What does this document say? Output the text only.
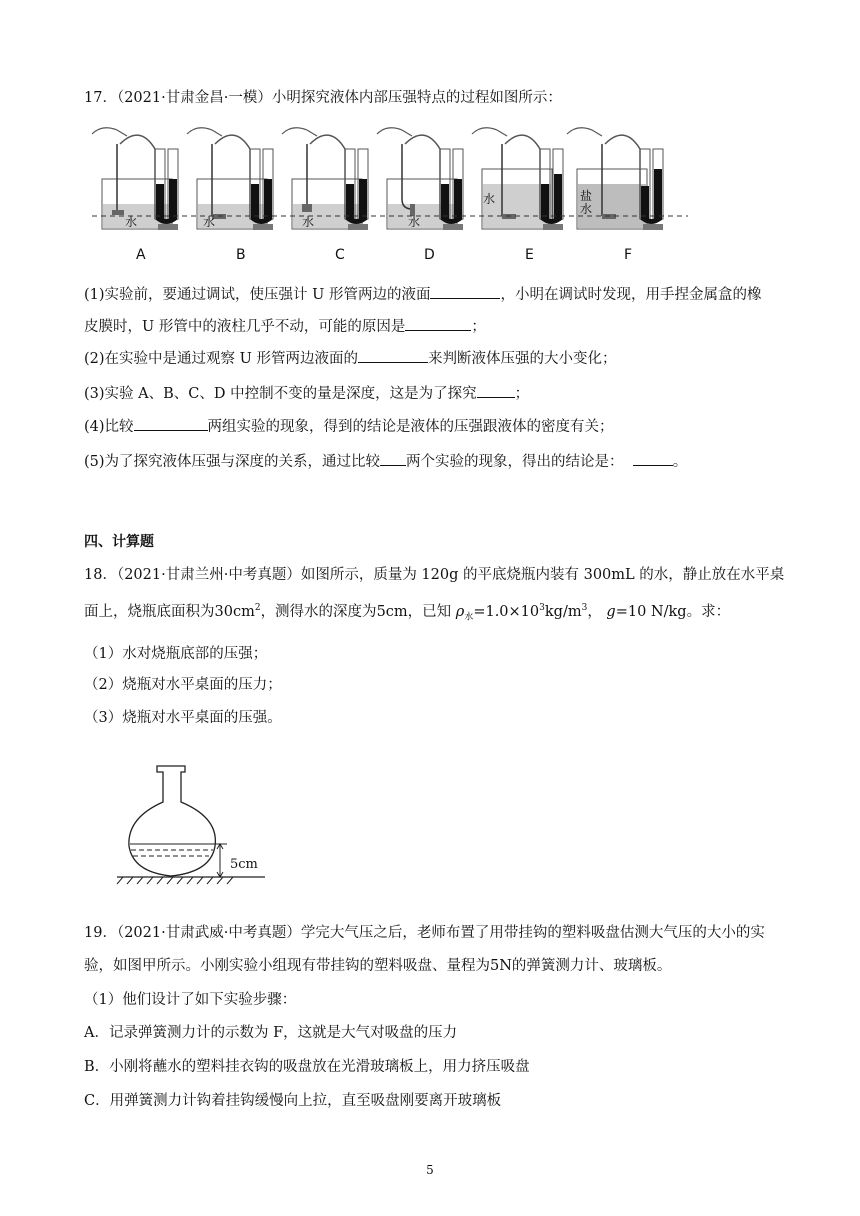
17．（2021·甘肃金昌·一模）小明探究液体内部压强特点的过程如图所示：
水	水	水	水
水	盐水
A	B	C	D	E	F
(1)实验前，要通过调试，使压强计 U 形管两边的液面	，小明在调试时发现，用手捏金属盒的橡
皮膜时，U 形管中的液柱几乎不动，可能的原因是	；
(2)在实验中是通过观察 U 形管两边液面的	来判断液体压强的大小变化；
(3)实验 A、B、C、D 中控制不变的量是深度，这是为了探究	；
(4)比较	两组实验的现象，得到的结论是液体的压强跟液体的密度有关；
(5)为了探究液体压强与深度的关系，通过比较 两个实验的现象，得出的结论是：	。
四、计算题
18．（2021·甘肃兰州·中考真题）如图所示，质量为 120g 的平底烧瓶内装有 300mL 的水，静止放在水平桌
面上，烧瓶底面积为$30cm^2$，测得水的深度为5cm，已知 $\rho_水=1.0\times 10^3kg/m^3$， g=10 N/kg。求：
（1）水对烧瓶底部的压强；
（2）烧瓶对水平桌面的压力；
（3）烧瓶对水平桌面的压强。
5cm
19．（2021·甘肃武威·中考真题）学完大气压之后，老师布置了用带挂钩的塑料吸盘估测大气压的大小的实
验，如图甲所示。小刚实验小组现有带挂钩的塑料吸盘、量程为5N的弹簧测力计、玻璃板。
（1）他们设计了如下实验步骤：
A．记录弹簧测力计的示数为 F，这就是大气对吸盘的压力
B．小刚将蘸水的塑料挂衣钩的吸盘放在光滑玻璃板上，用力挤压吸盘
C．用弹簧测力计钩着挂钩缓慢向上拉，直至吸盘刚要离开玻璃板
5
